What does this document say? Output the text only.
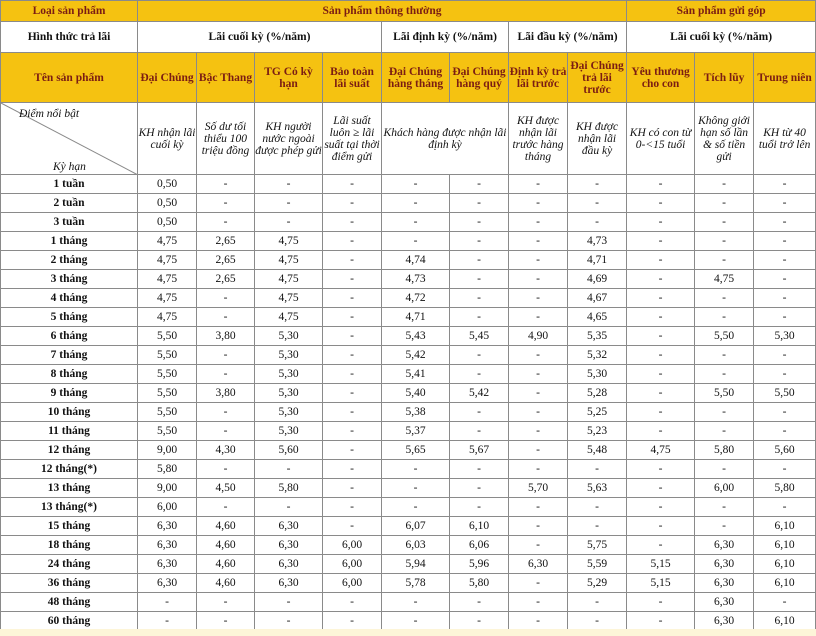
Loại sản phẩm	Sản phẩm thông thường								Sản phẩm gửi góp		
Hình thức trả lãi	Lãi cuối kỳ (%/năm)				Lãi định kỳ (%/năm)		Lãi đầu kỳ (%/năm)		Lãi cuối kỳ (%/năm)		
Tên sản phẩm	Đại Chúng	Bậc Thang	TG Có kỳ hạn	Bảo toàn lãi suất	Đại Chúng hàng tháng	Đại Chúng hàng quý	Định kỳ trả lãi trước	Đại Chúng trả lãi trước	Yêu thương cho con	Tích lũy	Trung niên

Điểm nổi bật
Kỳ hạn	KH nhận lãi cuối kỳ	Số dư tối thiểu 100 triệu đồng	KH người nước ngoài được phép gửi	Lãi suất luôn ≥ lãi suất tại thời điểm gửi	Khách hàng được nhận lãi định kỳ		KH được nhận lãi trước hàng tháng	KH được nhận lãi đầu kỳ	KH có con từ 0-<15 tuổi	Không giới hạn số lần & số tiền gửi	KH từ 40 tuổi trở lên
1 tuần	0,50	-	-	-	-	-	-	-	-	-	-
2 tuần	0,50	-	-	-	-	-	-	-	-	-	-
3 tuần	0,50	-	-	-	-	-	-	-	-	-	-
1 tháng	4,75	2,65	4,75	-	-	-	-	4,73	-	-	-
2 tháng	4,75	2,65	4,75	-	4,74	-	-	4,71	-	-	-
3 tháng	4,75	2,65	4,75	-	4,73	-	-	4,69	-	4,75	-
4 tháng	4,75	-	4,75	-	4,72	-	-	4,67	-	-	-
5 tháng	4,75	-	4,75	-	4,71	-	-	4,65	-	-	-
6 tháng	5,50	3,80	5,30	-	5,43	5,45	4,90	5,35	-	5,50	5,30
7 tháng	5,50	-	5,30	-	5,42	-	-	5,32	-	-	-
8 tháng	5,50	-	5,30	-	5,41	-	-	5,30	-	-	-
9 tháng	5,50	3,80	5,30	-	5,40	5,42	-	5,28	-	5,50	5,50
10 tháng	5,50	-	5,30	-	5,38	-	-	5,25	-	-	-
11 tháng	5,50	-	5,30	-	5,37	-	-	5,23	-	-	-
12 tháng	9,00	4,30	5,60	-	5,65	5,67	-	5,48	4,75	5,80	5,60
12 tháng(*)	5,80	-	-	-	-	-	-	-	-	-	-
13 tháng	9,00	4,50	5,80	-	-	-	5,70	5,63	-	6,00	5,80
13 tháng(*)	6,00	-	-	-	-	-	-	-	-	-	-
15 tháng	6,30	4,60	6,30	-	6,07	6,10	-	-	-	-	6,10
18 tháng	6,30	4,60	6,30	6,00	6,03	6,06	-	5,75	-	6,30	6,10
24 tháng	6,30	4,60	6,30	6,00	5,94	5,96	6,30	5,59	5,15	6,30	6,10
36 tháng	6,30	4,60	6,30	6,00	5,78	5,80	-	5,29	5,15	6,30	6,10
48 tháng	-	-	-	-	-	-	-	-	-	6,30	-
60 tháng	-	-	-	-	-	-	-	-	-	6,30	6,10
